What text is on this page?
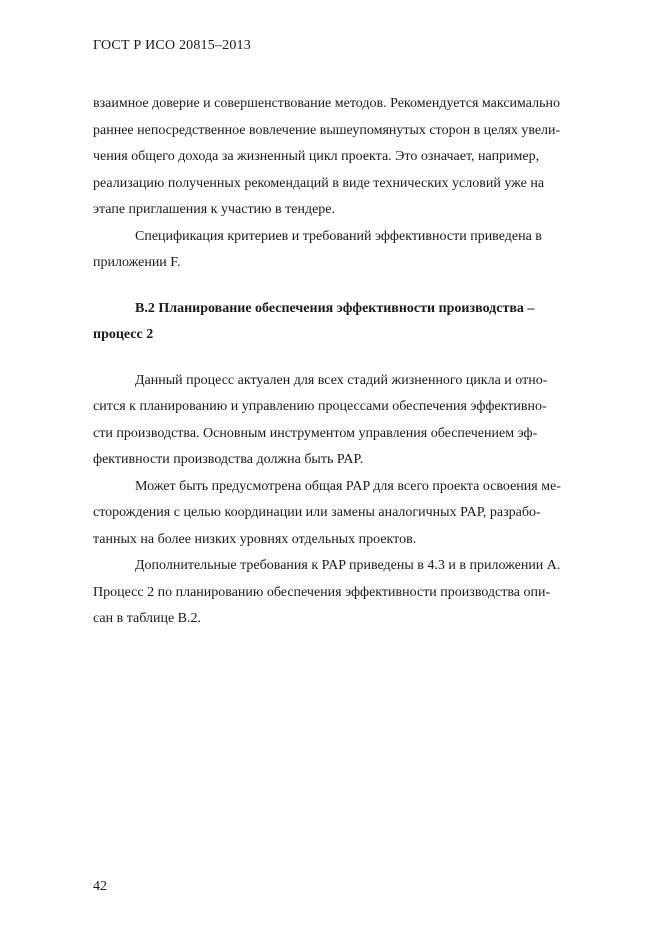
ГОСТ Р ИСО 20815–2013

взаимное доверие и совершенствование методов. Рекомендуется максимально
раннее непосредственное вовлечение вышеупомянутых сторон в целях увели-
чения общего дохода за жизненный цикл проекта. Это означает, например,
реализацию полученных рекомендаций в виде технических условий уже на
этапе приглашения к участию в тендере.

Спецификация критериев и требований эффективности приведена в
приложении F.

В.2 Планирование обеспечения эффективности производства –
процесс 2

Данный процесс актуален для всех стадий жизненного цикла и отно-
сится к планированию и управлению процессами обеспечения эффективно-
сти производства. Основным инструментом управления обеспечением эф-
фективности производства должна быть PAP.

Может быть предусмотрена общая PAP для всего проекта освоения ме-
сторождения с целью координации или замены аналогичных PAP, разрабо-
танных на более низких уровнях отдельных проектов.

Дополнительные требования к PAP приведены в 4.3 и в приложении А.
Процесс 2 по планированию обеспечения эффективности производства опи-
сан в таблице В.2.

42
